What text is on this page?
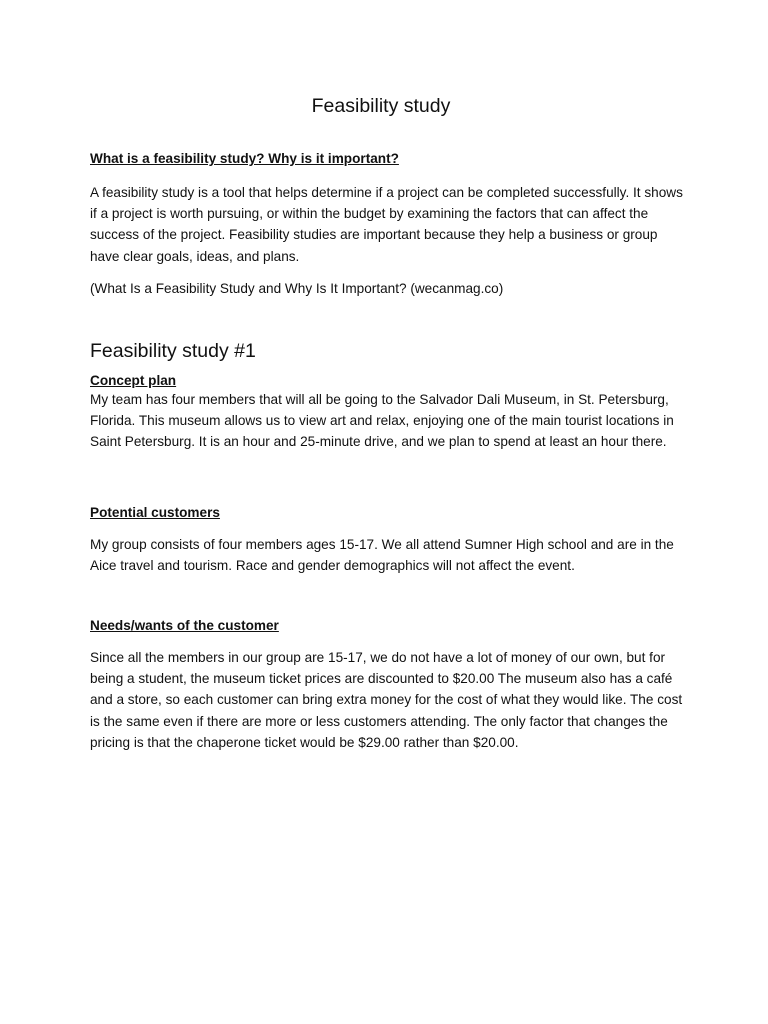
Feasibility study
What is a feasibility study? Why is it important?

A feasibility study is a tool that helps determine if a project can be completed successfully. It shows if a project is worth pursuing, or within the budget by examining the factors that can affect the success of the project. Feasibility studies are important because they help a business or group have clear goals, ideas, and plans.

(What Is a Feasibility Study and Why Is It Important? (wecanmag.co)

Feasibility study #1
Concept plan

My team has four members that will all be going to the Salvador Dali Museum, in St. Petersburg, Florida. This museum allows us to view art and relax, enjoying one of the main tourist locations in Saint Petersburg. It is an hour and 25-minute drive, and we plan to spend at least an hour there.

Potential customers

My group consists of four members ages 15-17. We all attend Sumner High school and are in the Aice travel and tourism. Race and gender demographics will not affect the event.

Needs/wants of the customer

Since all the members in our group are 15-17, we do not have a lot of money of our own, but for being a student, the museum ticket prices are discounted to $20.00 The museum also has a café and a store, so each customer can bring extra money for the cost of what they would like. The cost is the same even if there are more or less customers attending. The only factor that changes the pricing is that the chaperone ticket would be $29.00 rather than $20.00.
